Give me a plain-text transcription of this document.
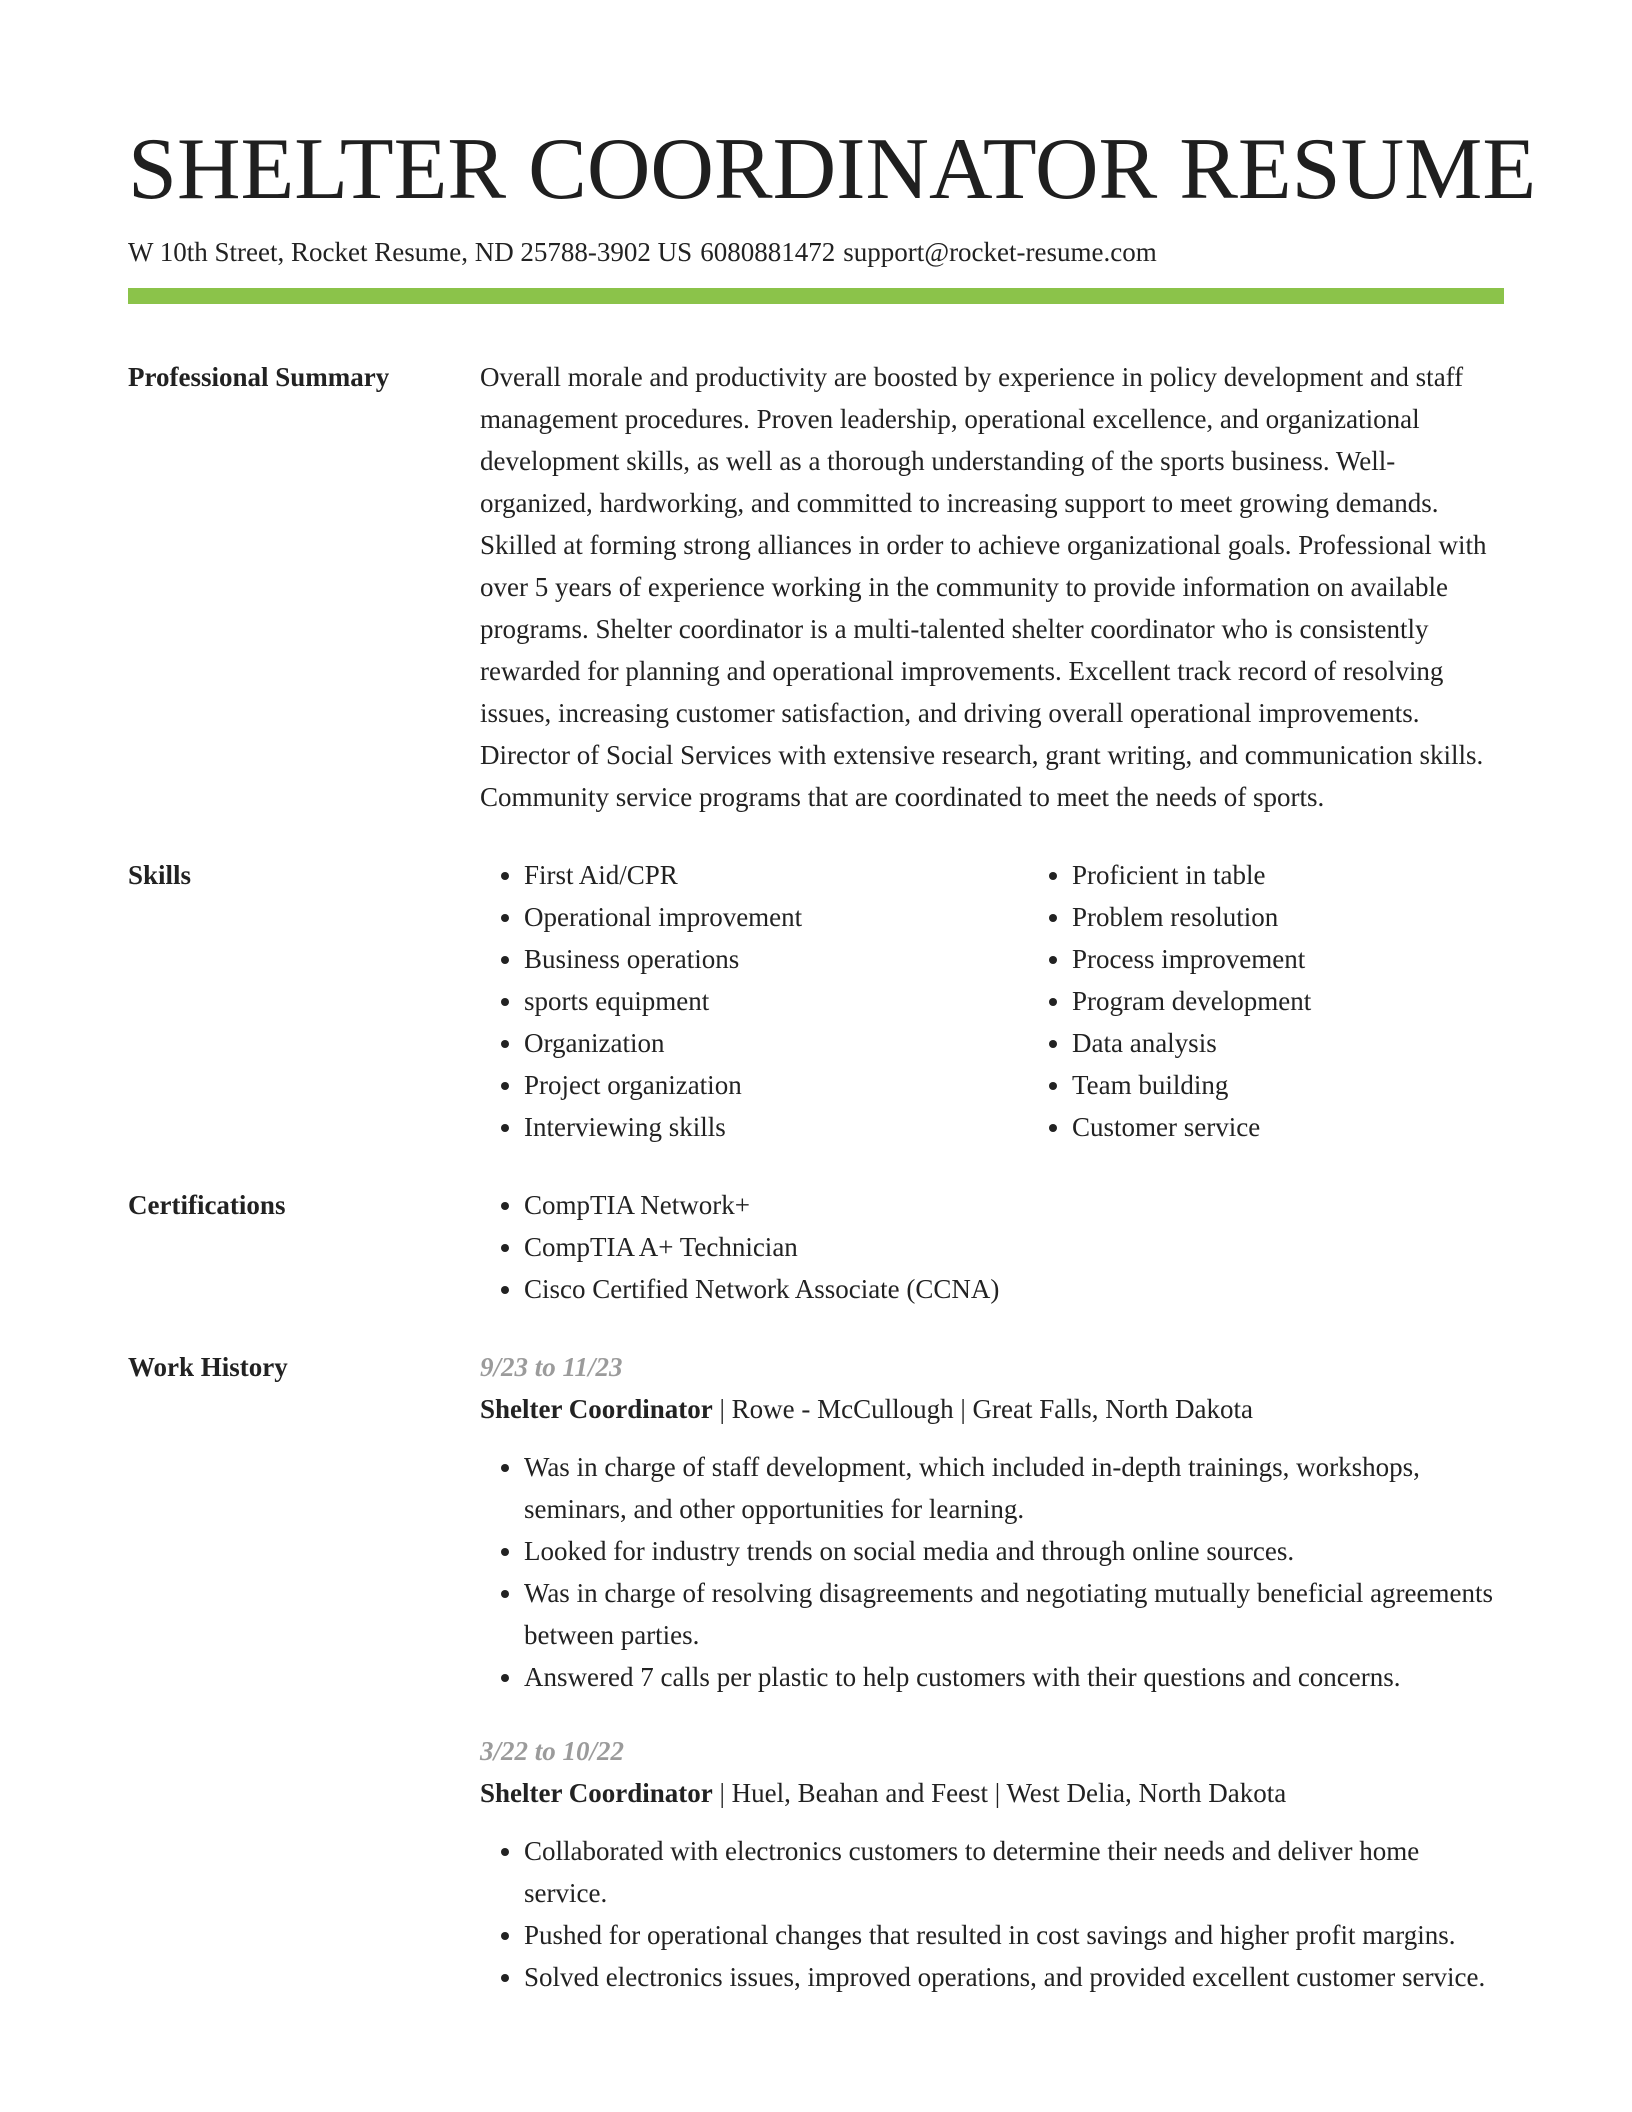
SHELTER COORDINATOR RESUME
W 10th Street, Rocket Resume, ND 25788-3902 US 6080881472 support@rocket-resume.com
Professional Summary	Overall morale and productivity are boosted by experience in policy development and staff management procedures. Proven leadership, operational excellence, and organizational development skills, as well as a thorough understanding of the sports business. Well-organized, hardworking, and committed to increasing support to meet growing demands. Skilled at forming strong alliances in order to achieve organizational goals. Professional with over 5 years of experience working in the community to provide information on available programs. Shelter coordinator is a multi-talented shelter coordinator who is consistently rewarded for planning and operational improvements. Excellent track record of resolving issues, increasing customer satisfaction, and driving overall operational improvements. Director of Social Services with extensive research, grant writing, and communication skills. Community service programs that are coordinated to meet the needs of sports.

Skills	• First Aid/CPR
• Operational improvement
• Business operations
• sports equipment
• Organization
• Project organization
• Interviewing skills
• Proficient in table
• Problem resolution
• Process improvement
• Program development
• Data analysis
• Team building
• Customer service
Certifications	• CompTIA Network+
• CompTIA A+ Technician
• Cisco Certified Network Associate (CCNA)
Work History	9/23 to 11/23
Shelter Coordinator | Rowe - McCullough | Great Falls, North Dakota
• Was in charge of staff development, which included in-depth trainings, workshops, seminars, and other opportunities for learning.
• Looked for industry trends on social media and through online sources.
• Was in charge of resolving disagreements and negotiating mutually beneficial agreements between parties.
• Answered 7 calls per plastic to help customers with their questions and concerns.
3/22 to 10/22
Shelter Coordinator | Huel, Beahan and Feest | West Delia, North Dakota
• Collaborated with electronics customers to determine their needs and deliver home service.
• Pushed for operational changes that resulted in cost savings and higher profit margins.
• Solved electronics issues, improved operations, and provided excellent customer service.
